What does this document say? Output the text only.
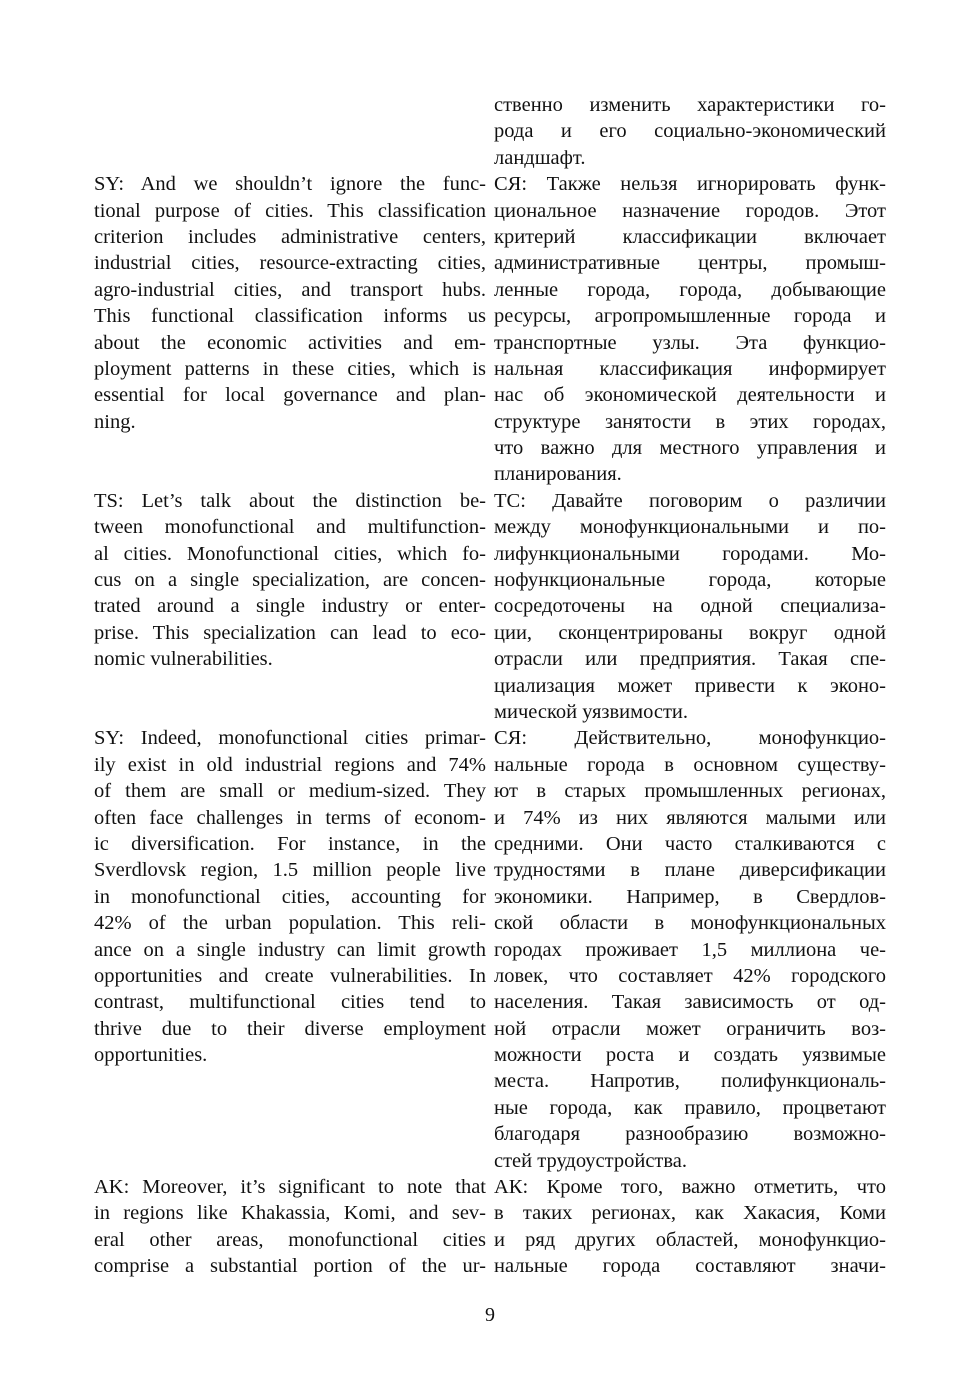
ственно изменить характеристики го-
рода и его социально-экономический
ландшафт.
SY: And we shouldn’t ignore the func-
tional purpose of cities. This classification
criterion includes administrative centers,
industrial cities, resource-extracting cities,
agro-industrial cities, and transport hubs.
This functional classification informs us
about the economic activities and em-
ployment patterns in these cities, which is
essential for local governance and plan-
ning.
СЯ: Также нельзя игнорировать функ-
циональное назначение городов. Этот
критерий классификации включает
административные центры, промыш-
ленные города, города, добывающие
ресурсы, агропромышленные города и
транспортные узлы. Эта функцио-
нальная классификация информирует
нас об экономической деятельности и
структуре занятости в этих городах,
что важно для местного управления и
планирования.
TS: Let’s talk about the distinction be-
tween monofunctional and multifunction-
al cities. Monofunctional cities, which fo-
cus on a single specialization, are concen-
trated around a single industry or enter-
prise. This specialization can lead to eco-
nomic vulnerabilities.
ТС: Давайте поговорим о различии
между монофункциональными и по-
лифункциональными городами. Мо-
нофункциональные города, которые
сосредоточены на одной специализа-
ции, сконцентрированы вокруг одной
отрасли или предприятия. Такая спе-
циализация может привести к эконо-
мической уязвимости.
SY: Indeed, monofunctional cities primar-
ily exist in old industrial regions and 74%
of them are small or medium-sized. They
often face challenges in terms of econom-
ic diversification. For instance, in the
Sverdlovsk region, 1.5 million people live
in monofunctional cities, accounting for
42% of the urban population. This reli-
ance on a single industry can limit growth
opportunities and create vulnerabilities. In
contrast, multifunctional cities tend to
thrive due to their diverse employment
opportunities.
СЯ: Действительно, монофункцио-
нальные города в основном существу-
ют в старых промышленных регионах,
и 74% из них являются малыми или
средними. Они часто сталкиваются с
трудностями в плане диверсификации
экономики. Например, в Свердлов-
ской области в монофункциональных
городах проживает 1,5 миллиона че-
ловек, что составляет 42% городского
населения. Такая зависимость от од-
ной отрасли может ограничить воз-
можности роста и создать уязвимые
места. Напротив, полифункциональ-
ные города, как правило, процветают
благодаря разнообразию возможно-
стей трудоустройства.
AK: Moreover, it’s significant to note that
in regions like Khakassia, Komi, and sev-
eral other areas, monofunctional cities
comprise a substantial portion of the ur-
АК: Кроме того, важно отметить, что
в таких регионах, как Хакасия, Коми
и ряд других областей, монофункцио-
нальные города составляют значи-
9
